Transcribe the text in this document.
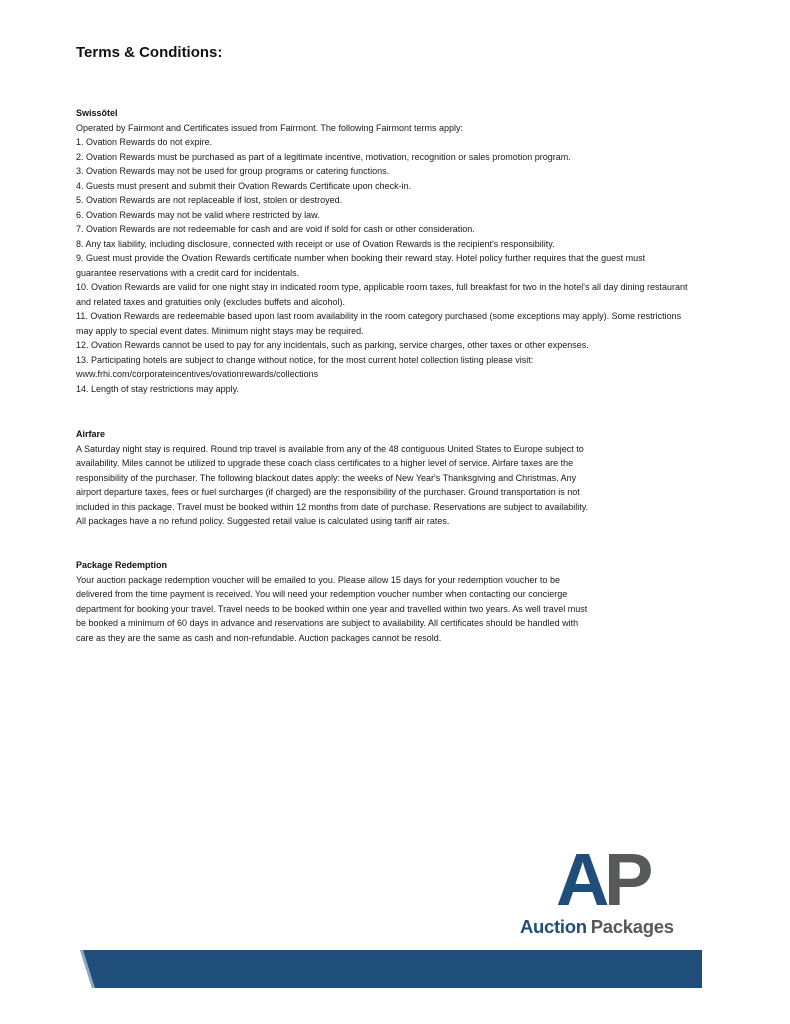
Terms & Conditions:
Swissôtel
Operated by Fairmont and Certificates issued from Fairmont. The following Fairmont terms apply:
1. Ovation Rewards do not expire.
2. Ovation Rewards must be purchased as part of a legitimate incentive, motivation, recognition or sales promotion program.
3. Ovation Rewards may not be used for group programs or catering functions.
4. Guests must present and submit their Ovation Rewards Certificate upon check-in.
5. Ovation Rewards are not replaceable if lost, stolen or destroyed.
6. Ovation Rewards may not be valid where restricted by law.
7. Ovation Rewards are not redeemable for cash and are void if sold for cash or other consideration.
8. Any tax liability, including disclosure, connected with receipt or use of Ovation Rewards is the recipient's responsibility.
9. Guest must provide the Ovation Rewards certificate number when booking their reward stay. Hotel policy further requires that the guest must guarantee reservations with a credit card for incidentals.
10. Ovation Rewards are valid for one night stay in indicated room type, applicable room taxes, full breakfast for two in the hotel's all day dining restaurant and related taxes and gratuities only (excludes buffets and alcohol).
11. Ovation Rewards are redeemable based upon last room availability in the room category purchased (some exceptions may apply). Some restrictions may apply to special event dates. Minimum night stays may be required.
12. Ovation Rewards cannot be used to pay for any incidentals, such as parking, service charges, other taxes or other expenses.
13. Participating hotels are subject to change without notice, for the most current hotel collection listing please visit: www.frhi.com/corporateincentives/ovationrewards/collections
14. Length of stay restrictions may apply.
Airfare
A Saturday night stay is required. Round trip travel is available from any of the 48 contiguous United States to Europe subject to
availability. Miles cannot be utilized to upgrade these coach class certificates to a higher level of service. Airfare taxes are the
responsibility of the purchaser. The following blackout dates apply: the weeks of New Year's Thanksgiving and Christmas. Any
airport departure taxes, fees or fuel surcharges (if charged) are the responsibility of the purchaser. Ground transportation is not
included in this package. Travel must be booked within 12 months from date of purchase. Reservations are subject to availability.
All packages have a no refund policy. Suggested retail value is calculated using tariff air rates.
Package Redemption
Your auction package redemption voucher will be emailed to you. Please allow 15 days for your redemption voucher to be
delivered from the time payment is received. You will need your redemption voucher number when contacting our concierge
department for booking your travel. Travel needs to be booked within one year and travelled within two years. As well travel must
be booked a minimum of 60 days in advance and reservations are subject to availability. All certificates should be handled with
care as they are the same as cash and non-refundable. Auction packages cannot be resold.
A P
Auction Packages
